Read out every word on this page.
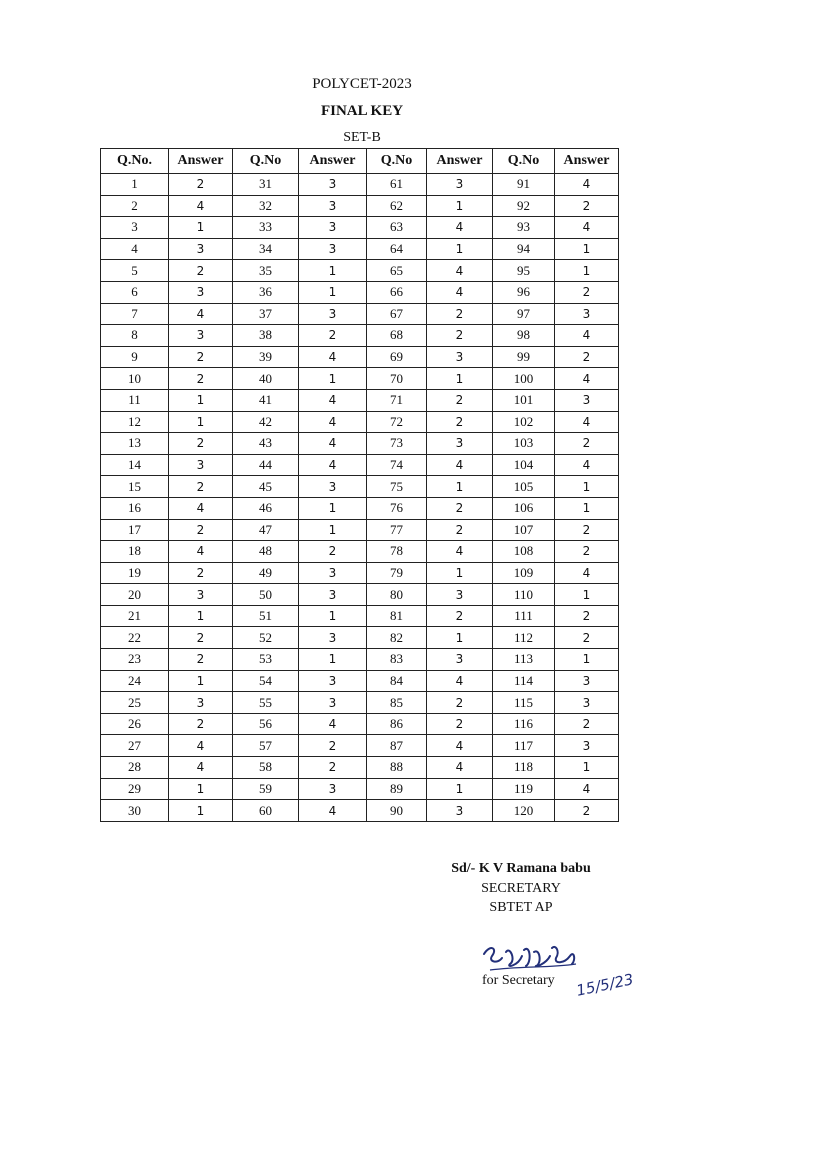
POLYCET-2023
FINAL KEY
SET-B
Q.No.	Answer	Q.No	Answer	Q.No	Answer	Q.No	Answer
1	2	31	3	61	3	91	4
2	4	32	3	62	1	92	2
3	1	33	3	63	4	93	4
4	3	34	3	64	1	94	1
5	2	35	1	65	4	95	1
6	3	36	1	66	4	96	2
7	4	37	3	67	2	97	3
8	3	38	2	68	2	98	4
9	2	39	4	69	3	99	2
10	2	40	1	70	1	100	4
11	1	41	4	71	2	101	3
12	1	42	4	72	2	102	4
13	2	43	4	73	3	103	2
14	3	44	4	74	4	104	4
15	2	45	3	75	1	105	1
16	4	46	1	76	2	106	1
17	2	47	1	77	2	107	2
18	4	48	2	78	4	108	2
19	2	49	3	79	1	109	4
20	3	50	3	80	3	110	1
21	1	51	1	81	2	111	2
22	2	52	3	82	1	112	2
23	2	53	1	83	3	113	1
24	1	54	3	84	4	114	3
25	3	55	3	85	2	115	3
26	2	56	4	86	2	116	2
27	4	57	2	87	4	117	3
28	4	58	2	88	4	118	1
29	1	59	3	89	1	119	4
30	1	60	4	90	3	120	2
Sd/- K V Ramana babu
SECRETARY
SBTET AP
for Secretary 15/5/23
